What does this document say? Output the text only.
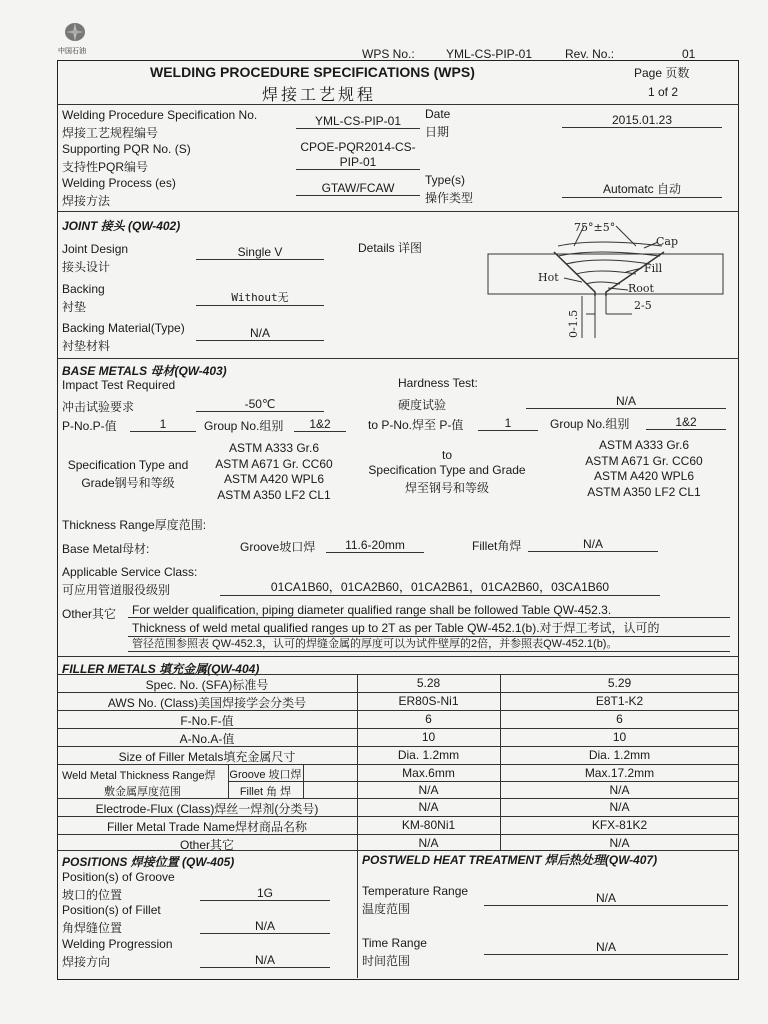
中国石油	WPS No.:	YML-CS-PIP-01	Rev. No.:	01
WELDING PROCEDURE SPECIFICATIONS (WPS)
焊接工艺规程
Page 页数
1 of 2
Welding Procedure Specification No.
焊接工艺规程编号
YML-CS-PIP-01	Date
日期
2015.01.23
Supporting PQR No. (S)
支持性PQR编号
CPOE-PQR2014-CS-
PIP-01
Welding Process (es)
焊接方法
GTAW/FCAW
Type(s)
操作类型
Automatc 自动
JOINT 接头 (QW-402)
Joint Design
接头设计
Single V	Details 详图
Backing
衬垫
Without无
Backing Material(Type)
衬垫材料
N/A
75°±5°
Cap
Fill
Hot
Root
2-5
0-1.5
BASE METALS 母材(QW-403)
Impact Test Required
冲击试验要求	-50℃
Hardness Test:
硬度试验	N/A
P-No.P-值	1	Group No.组别	1&2	to P-No.焊至 P-值	1	Group No.组别	1&2
Specification Type and
Grade钢号和等级
ASTM A333 Gr.6
ASTM A671 Gr. CC60
ASTM A420 WPL6
ASTM A350 LF2 CL1
to
Specification Type and Grade
焊至钢号和等级
ASTM A333 Gr.6
ASTM A671 Gr. CC60
ASTM A420 WPL6
ASTM A350 LF2 CL1
Thickness Range厚度范围:
Base Metal母材:	Groove坡口焊	11.6-20mm	Fillet角焊	N/A
Applicable Service Class:
可应用管道服役级别	01CA1B60，01CA2B60，01CA2B61，01CA2B60，03CA1B60
Other其它	For welder qualification, piping diameter qualified range shall be followed Table QW-452.3.
Thickness of weld metal qualified ranges up to 2T as per Table QW-452.1(b).对于焊工考试，认可的
管径范围参照表 QW-452.3，认可的焊缝金属的厚度可以为试件壁厚的2倍，并参照表QW-452.1(b)。
FILLER METALS 填充金属(QW-404)
Spec. No. (SFA)标准号	5.28	5.29
AWS No. (Class)美国焊接学会分类号	ER80S-Ni1	E8T1-K2
F-No.F-值	6	6
A-No.A-值	10	10
Size of Filler Metals填充金属尺寸	Dia. 1.2mm	Dia. 1.2mm
Weld Metal Thickness Range焊
敷金属厚度范围
Groove 坡口焊	Max.6mm	Max.17.2mm
Fillet 角 焊	N/A	N/A
Electrode-Flux (Class)焊丝一焊剂(分类号)	N/A	N/A
Filler Metal Trade Name焊材商品名称	KM-80Ni1	KFX-81K2
Other其它	N/A	N/A
POSITIONS 焊接位置 (QW-405)
Position(s) of Groove
坡口的位置	1G
Position(s) of Fillet
角焊缝位置	N/A
Welding Progression
焊接方向	N/A
POSTWELD HEAT TREATMENT 焊后热处理(QW-407)
Temperature Range
温度范围
N/A
Time Range
时间范围
N/A
